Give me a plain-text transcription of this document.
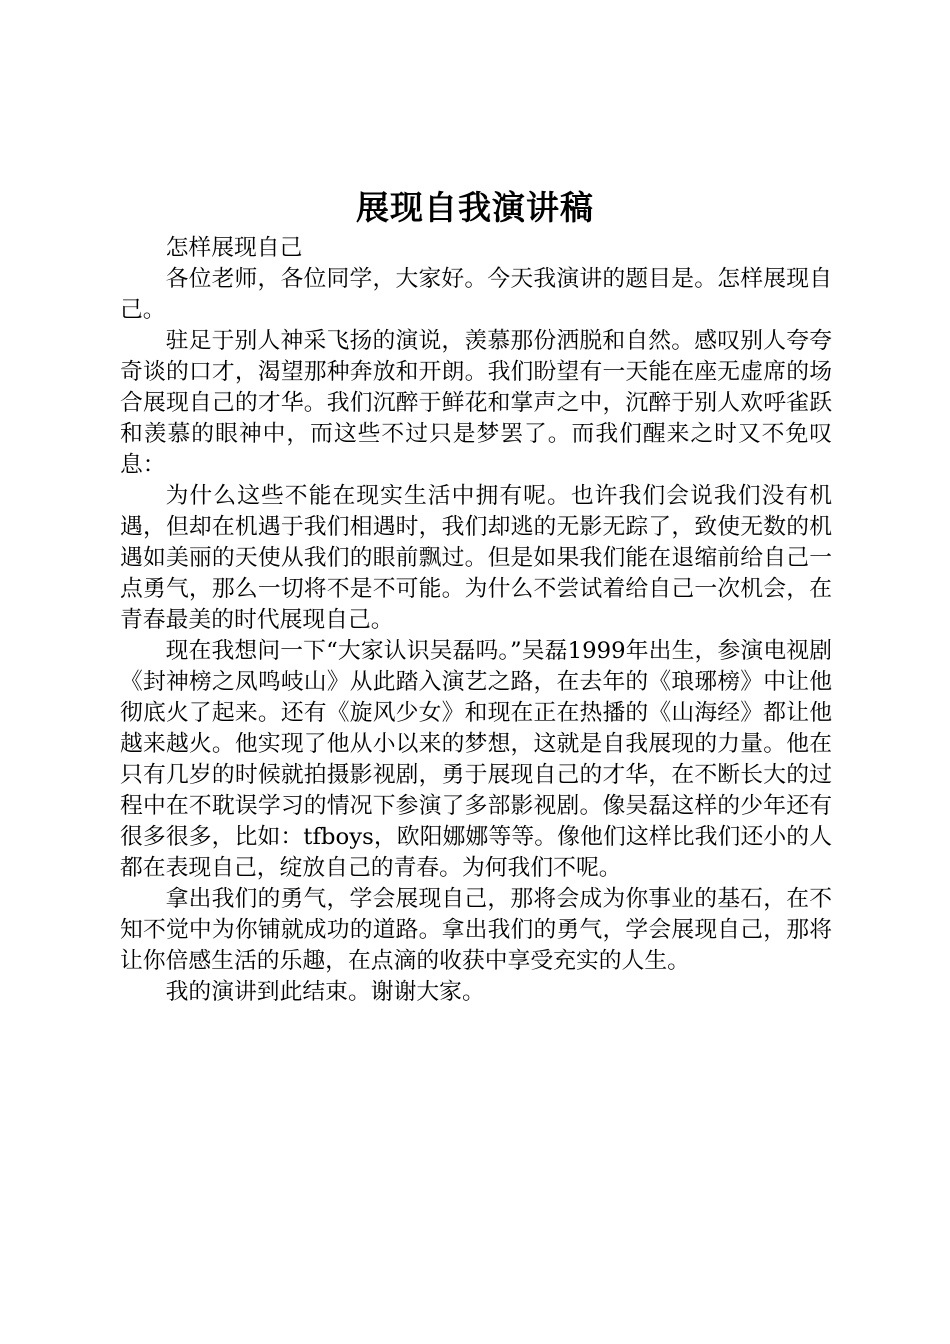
展现自我演讲稿

怎样展现自己

各位老师，各位同学，大家好。今天我演讲的题目是。怎样展现自己。

驻足于别人神采飞扬的演说，羡慕那份洒脱和自然。感叹别人夸夸奇谈的口才，渴望那种奔放和开朗。我们盼望有一天能在座无虚席的场合展现自己的才华。我们沉醉于鲜花和掌声之中，沉醉于别人欢呼雀跃和羡慕的眼神中，而这些不过只是梦罢了。而我们醒来之时又不免叹息：

为什么这些不能在现实生活中拥有呢。也许我们会说我们没有机遇，但却在机遇于我们相遇时，我们却逃的无影无踪了，致使无数的机遇如美丽的天使从我们的眼前飘过。但是如果我们能在退缩前给自己一点勇气，那么一切将不是不可能。为什么不尝试着给自己一次机会，在青春最美的时代展现自己。

现在我想问一下“大家认识吴磊吗。”吴磊1999年出生，参演电视剧《封神榜之凤鸣岐山》从此踏入演艺之路，在去年的《琅琊榜》中让他彻底火了起来。还有《旋风少女》和现在正在热播的《山海经》都让他越来越火。他实现了他从小以来的梦想，这就是自我展现的力量。他在只有几岁的时候就拍摄影视剧，勇于展现自己的才华，在不断长大的过程中在不耽误学习的情况下参演了多部影视剧。像吴磊这样的少年还有很多很多，比如：tfboys，欧阳娜娜等等。像他们这样比我们还小的人都在表现自己，绽放自己的青春。为何我们不呢。

拿出我们的勇气，学会展现自己，那将会成为你事业的基石，在不知不觉中为你铺就成功的道路。拿出我们的勇气，学会展现自己，那将让你倍感生活的乐趣，在点滴的收获中享受充实的人生。

我的演讲到此结束。谢谢大家。
